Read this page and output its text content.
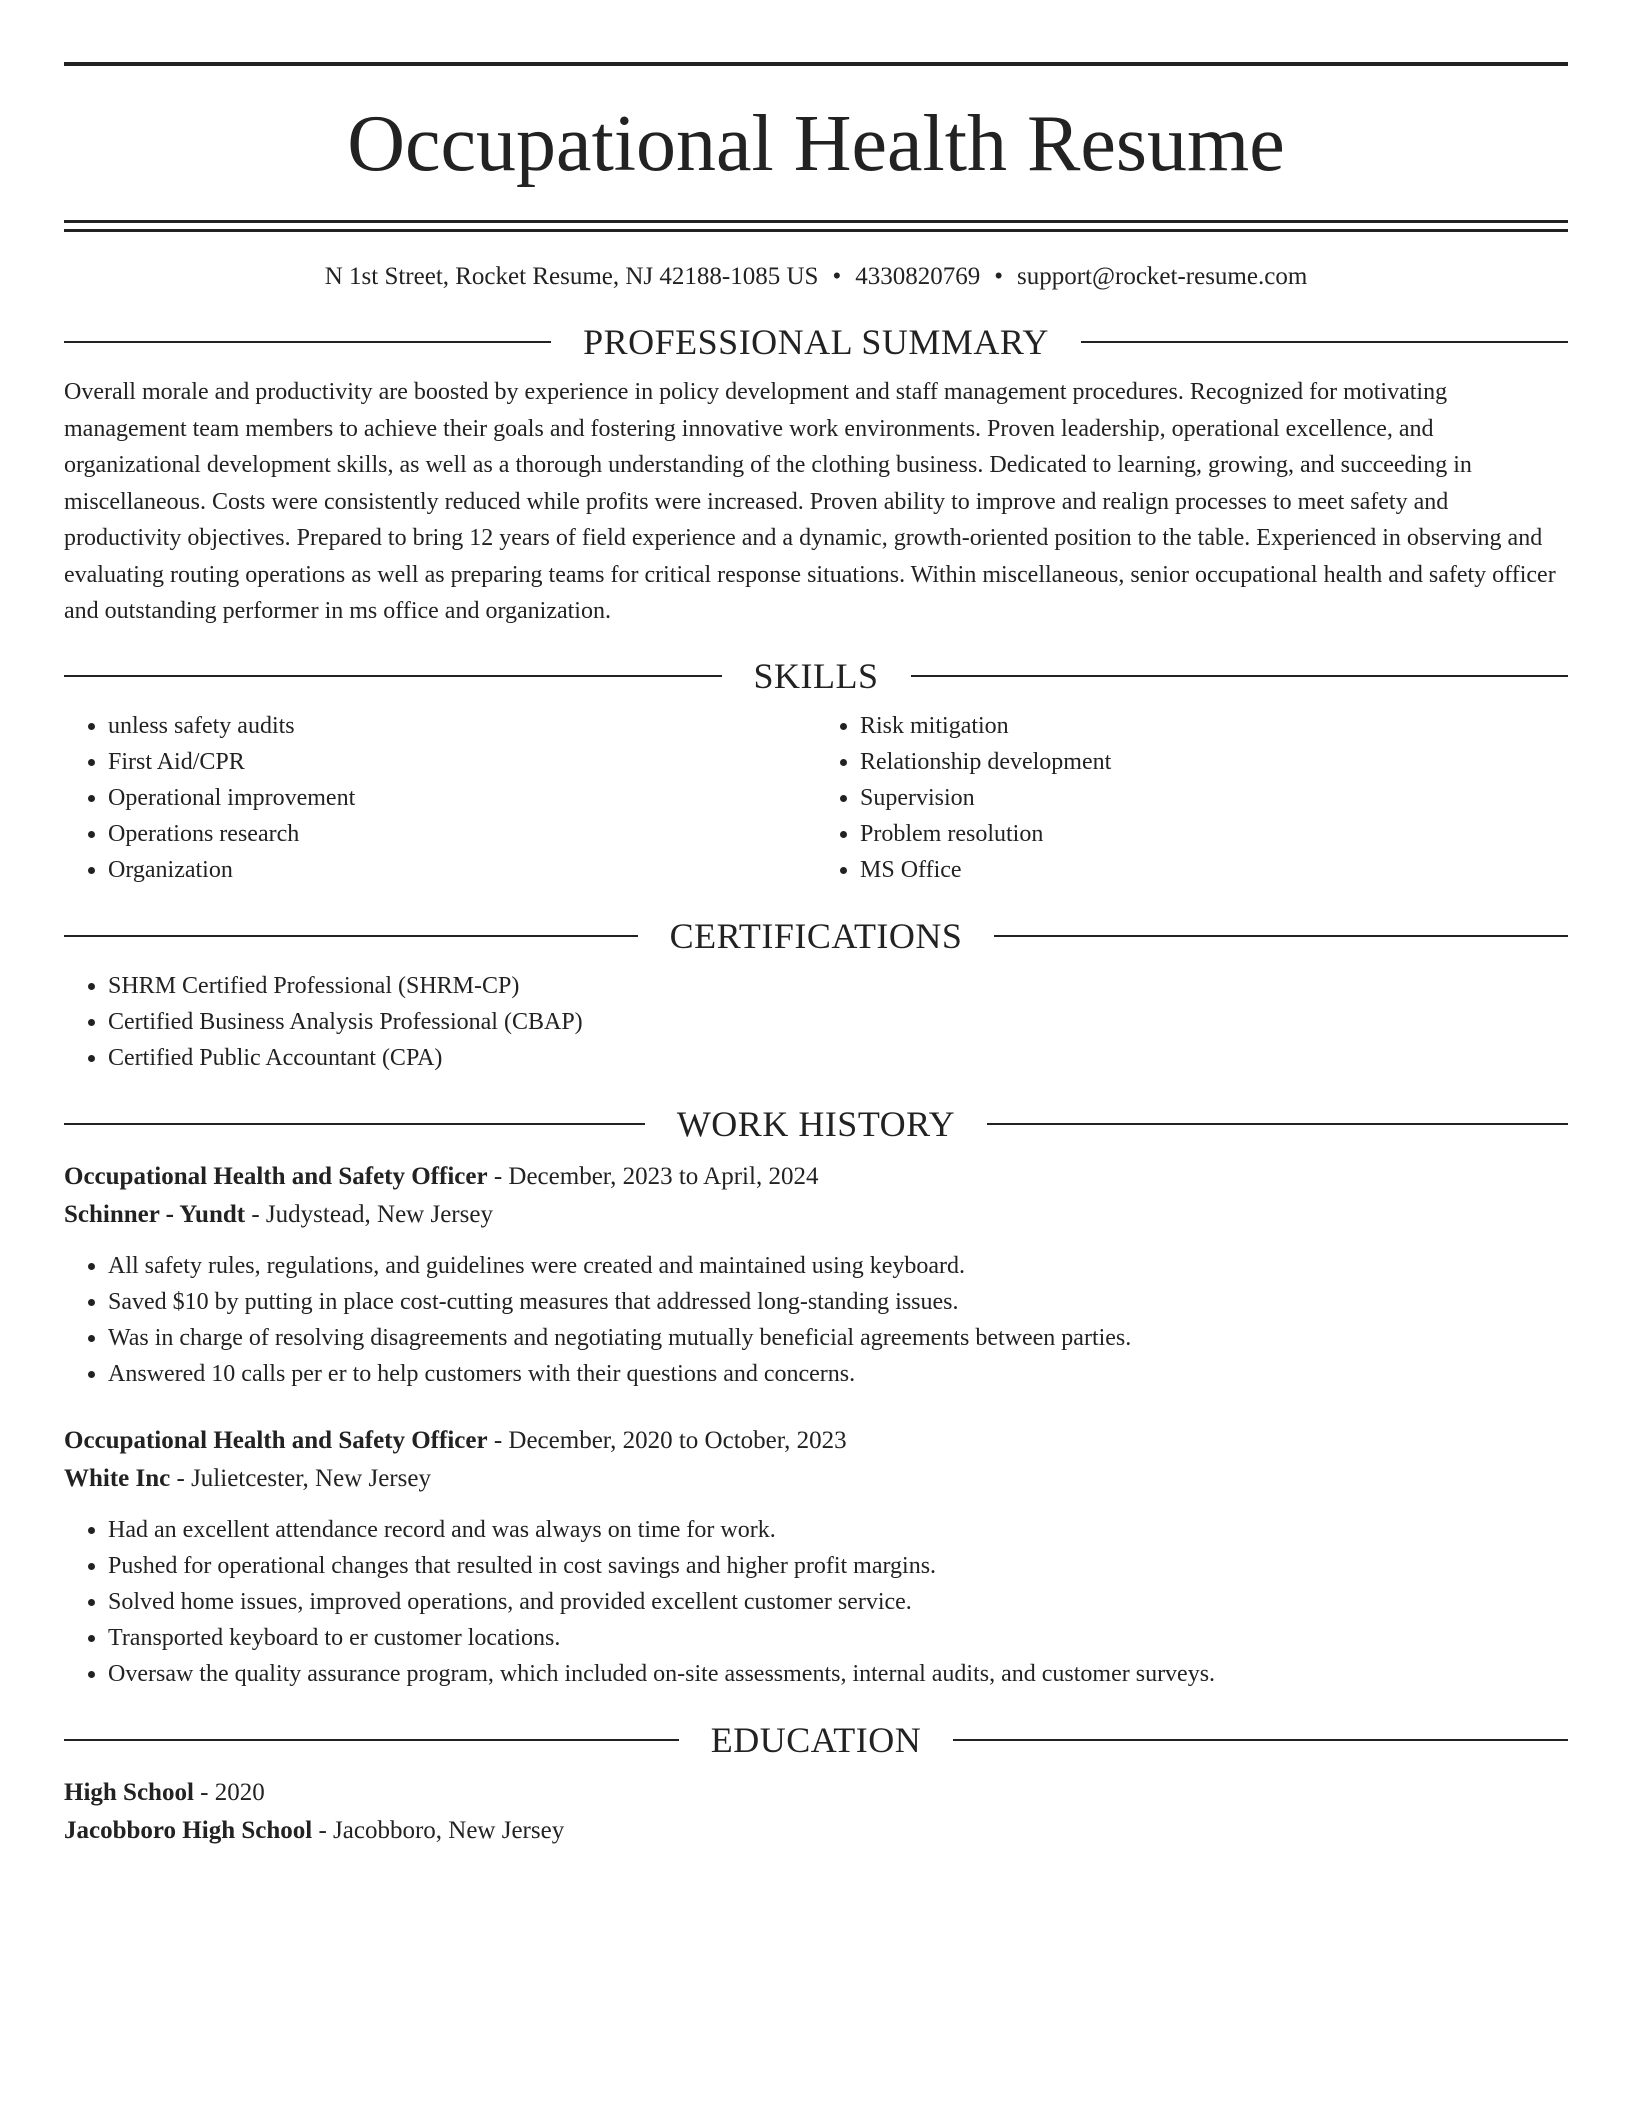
Occupational Health Resume
N 1st Street, Rocket Resume, NJ 42188-1085 US • 4330820769 • support@rocket-resume.com
PROFESSIONAL SUMMARY

Overall morale and productivity are boosted by experience in policy development and staff management procedures. Recognized for motivating management team members to achieve their goals and fostering innovative work environments. Proven leadership, operational excellence, and organizational development skills, as well as a thorough understanding of the clothing business. Dedicated to learning, growing, and succeeding in miscellaneous. Costs were consistently reduced while profits were increased. Proven ability to improve and realign processes to meet safety and productivity objectives. Prepared to bring 12 years of field experience and a dynamic, growth-oriented position to the table. Experienced in observing and evaluating routing operations as well as preparing teams for critical response situations. Within miscellaneous, senior occupational health and safety officer and outstanding performer in ms office and organization.

SKILLS
• unless safety audits
• First Aid/CPR
• Operational improvement
• Operations research
• Organization
• Risk mitigation
• Relationship development
• Supervision
• Problem resolution
• MS Office
CERTIFICATIONS
• SHRM Certified Professional (SHRM-CP)
• Certified Business Analysis Professional (CBAP)
• Certified Public Accountant (CPA)
WORK HISTORY
Occupational Health and Safety Officer - December, 2023 to April, 2024
Schinner - Yundt - Judystead, New Jersey
• All safety rules, regulations, and guidelines were created and maintained using keyboard.
• Saved $10 by putting in place cost-cutting measures that addressed long-standing issues.
• Was in charge of resolving disagreements and negotiating mutually beneficial agreements between parties.
• Answered 10 calls per er to help customers with their questions and concerns.
Occupational Health and Safety Officer - December, 2020 to October, 2023
White Inc - Julietcester, New Jersey
• Had an excellent attendance record and was always on time for work.
• Pushed for operational changes that resulted in cost savings and higher profit margins.
• Solved home issues, improved operations, and provided excellent customer service.
• Transported keyboard to er customer locations.
• Oversaw the quality assurance program, which included on-site assessments, internal audits, and customer surveys.
EDUCATION
High School - 2020
Jacobboro High School - Jacobboro, New Jersey
